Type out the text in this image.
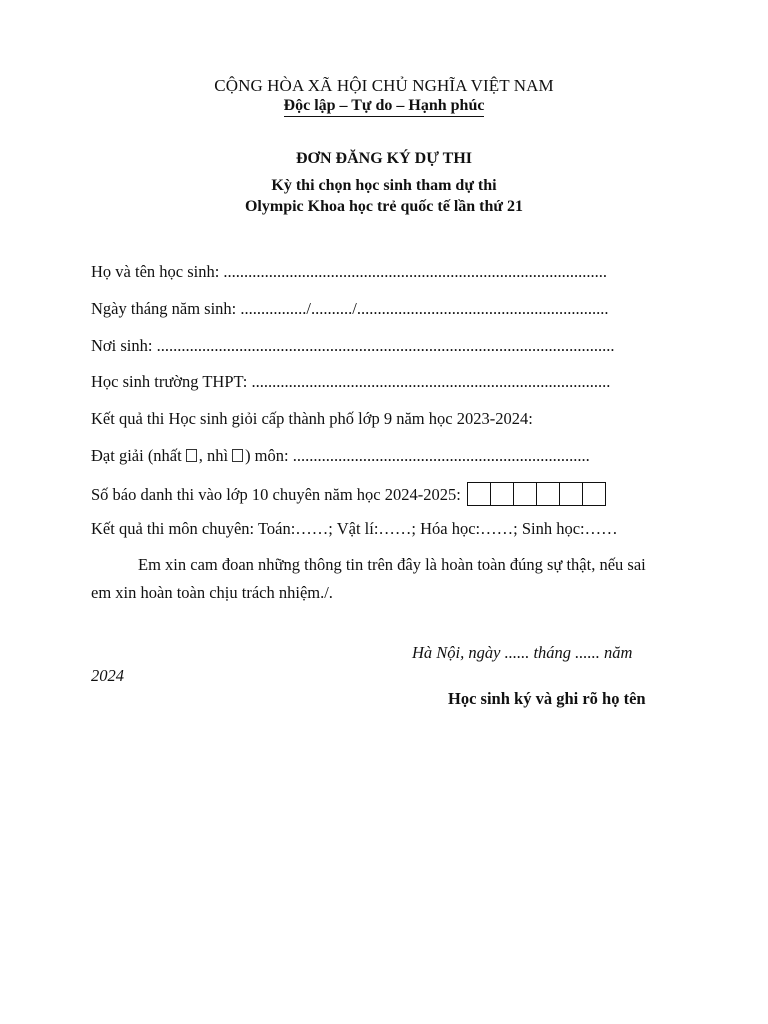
CỘNG HÒA XÃ HỘI CHỦ NGHĨA VIỆT NAM
Độc lập – Tự do – Hạnh phúc
ĐƠN ĐĂNG KÝ DỰ THI
Kỳ thi chọn học sinh tham dự thi
Olympic Khoa học trẻ quốc tế lần thứ 21
Họ và tên học sinh: .............................................................................................
Ngày tháng năm sinh: ................/........../.............................................................
Nơi sinh: ...............................................................................................................
Học sinh trường THPT: .......................................................................................
Kết quả thi Học sinh giỏi cấp thành phố lớp 9 năm học 2023-2024:
Đạt giải (nhất , nhì ) môn: ........................................................................
Số báo danh thi vào lớp 10 chuyên năm học 2024-2025:
Kết quả thi môn chuyên: Toán:……; Vật lí:……; Hóa học:……; Sinh học:……
Em xin cam đoan những thông tin trên đây là hoàn toàn đúng sự thật, nếu sai
em xin hoàn toàn chịu trách nhiệm./.
Hà Nội, ngày ...... tháng ...... năm
2024
Học sinh ký và ghi rõ họ tên
